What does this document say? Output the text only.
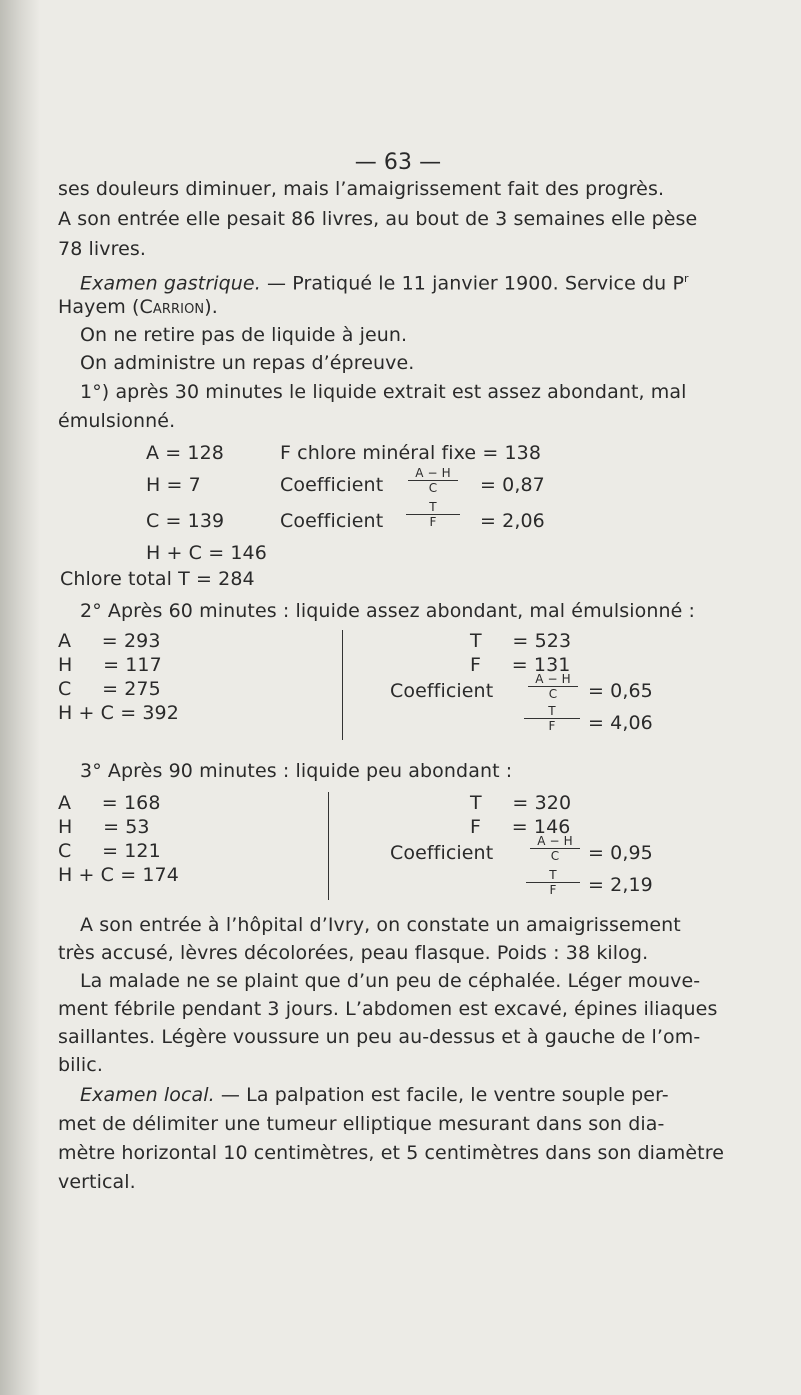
— 63 —
ses douleurs diminuer, mais l’amaigrissement fait des progrès.
A son entrée elle pesait 86 livres, au bout de 3 semaines elle pèse
78 livres.
Examen gastrique. — Pratiqué le 11 janvier 1900. Service du $P^r$
Hayem (Carrion).
On ne retire pas de liquide à jeun.
On administre un repas d’épreuve.
1°) après 30 minutes le liquide extrait est assez abondant, mal
émulsionné.
A = 128
H = 7
C = 139
H + C = 146
Chlore total T = 284
F chlore minéral fixe = 138
Coefficient $\frac{A - H}{C} = 0,87$
Coefficient $\frac{T}{F} = 2,06$
2° Après 60 minutes : liquide assez abondant, mal émulsionné :
A     = 293
H     = 117
C     = 275
H + C = 392
T     = 523
F     = 131
Coefficient	$\frac{A - H}{C} = 0,65$
$\frac{T}{F} = 4,06$
3° Après 90 minutes : liquide peu abondant :
A     = 168
H     = 53
C     = 121
H + C = 174
T     = 320
F     = 146
Coefficient	$\frac{A - H}{C} = 0,95$
$\frac{T}{F} = 2,19$
A son entrée à l’hôpital d’Ivry, on constate un amaigrissement
très accusé, lèvres décolorées, peau flasque. Poids : 38 kilog.
La malade ne se plaint que d’un peu de céphalée. Léger mouve-
ment fébrile pendant 3 jours. L’abdomen est excavé, épines iliaques
saillantes. Légère voussure un peu au-dessus et à gauche de l’om-
bilic.
Examen local. — La palpation est facile, le ventre souple per-
met de délimiter une tumeur elliptique mesurant dans son dia-
mètre horizontal 10 centimètres, et 5 centimètres dans son diamètre
vertical.
